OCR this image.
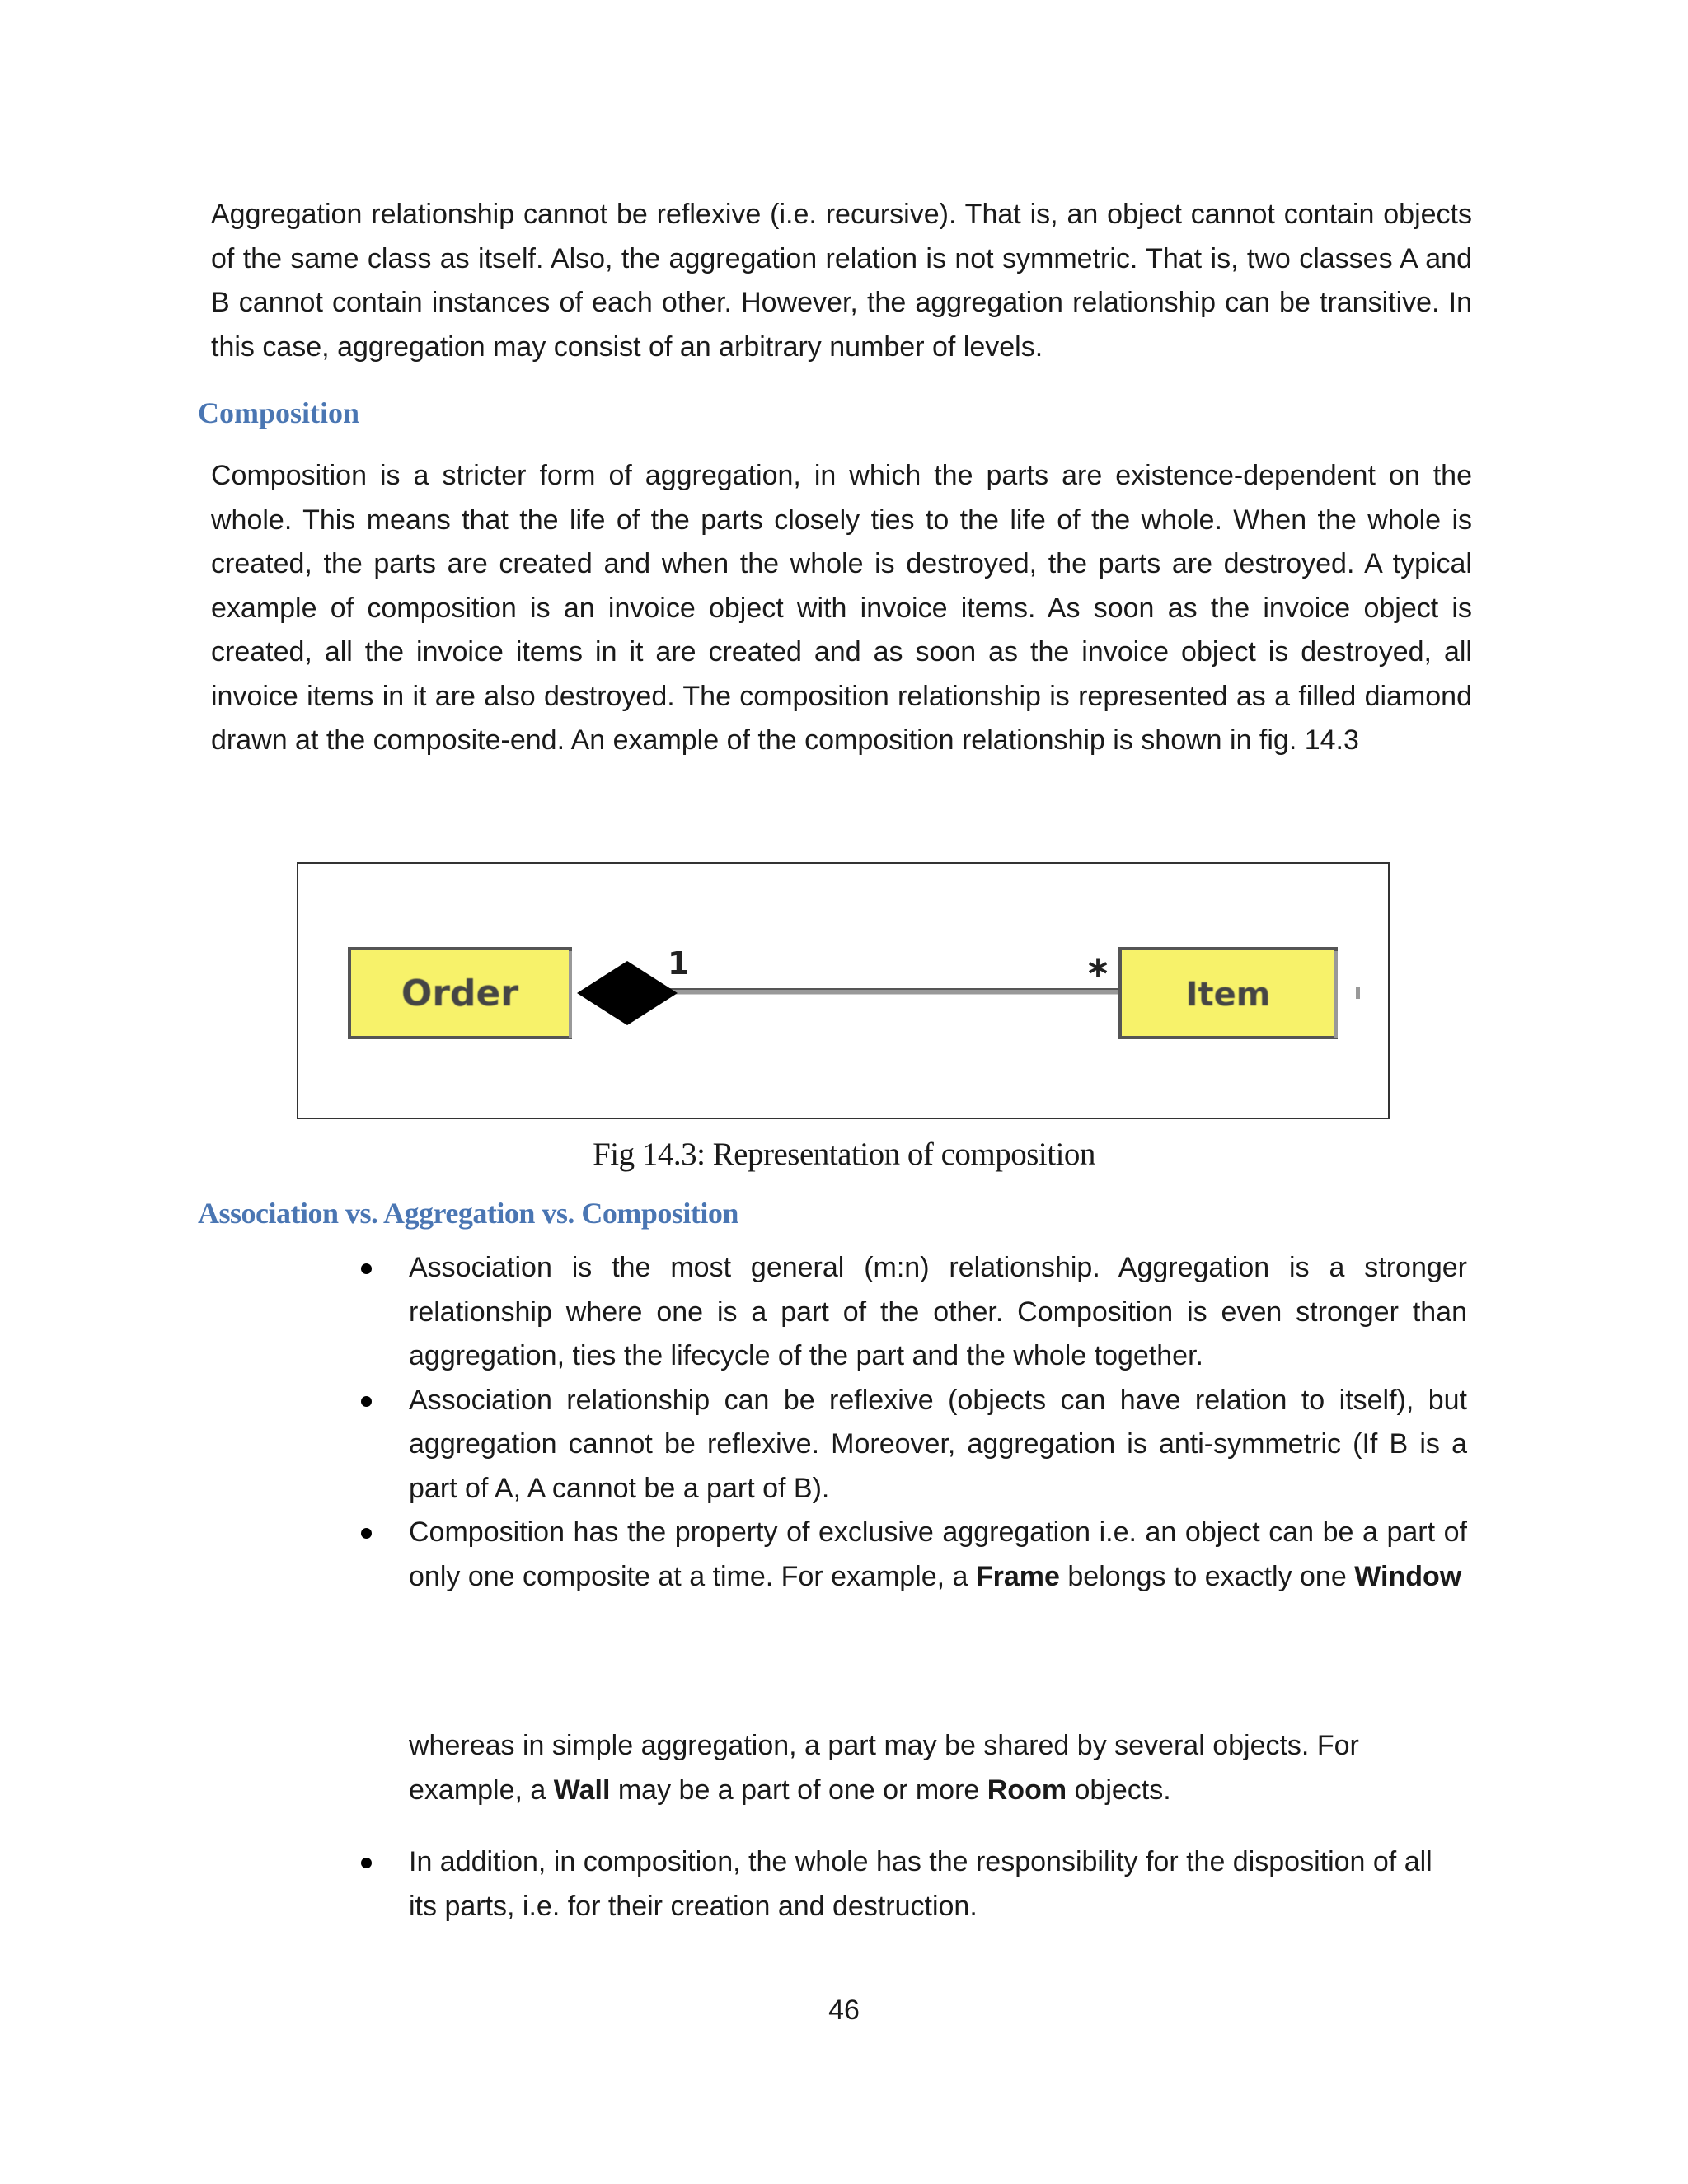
Aggregation relationship cannot be reflexive (i.e. recursive). That is, an object cannot contain objects of the same class as itself. Also, the aggregation relation is not symmetric. That is, two classes A and B cannot contain instances of each other. However, the aggregation relationship can be transitive. In this case, aggregation may consist of an arbitrary number of levels.

Composition

Composition is a stricter form of aggregation, in which the parts are existence-dependent on the whole. This means that the life of the parts closely ties to the life of the whole. When the whole is created, the parts are created and when the whole is destroyed, the parts are destroyed. A typical example of composition is an invoice object with invoice items. As soon as the invoice object is created, all the invoice items in it are created and as soon as the invoice object is destroyed, all invoice items in it are also destroyed. The composition relationship is represented as a filled diamond drawn at the composite-end. An example of the composition relationship is shown in fig. 14.3

Order
1	* Item
Fig 14.3: Representation of composition
Association vs. Aggregation vs. Composition
Association is the most general (m:n) relationship. Aggregation is a stronger relationship where one is a part of the other. Composition is even stronger than aggregation, ties the lifecycle of the part and the whole together.
Association relationship can be reflexive (objects can have relation to itself), but aggregation cannot be reflexive. Moreover, aggregation is anti-symmetric (If B is a part of A, A cannot be a part of B).
Composition has the property of exclusive aggregation i.e. an object can be a part of only one composite at a time. For example, a Frame belongs to exactly one Window

whereas in simple aggregation, a part may be shared by several objects. For example, a Wall may be a part of one or more Room objects.

In addition, in composition, the whole has the responsibility for the disposition of all its parts, i.e. for their creation and destruction.
46
